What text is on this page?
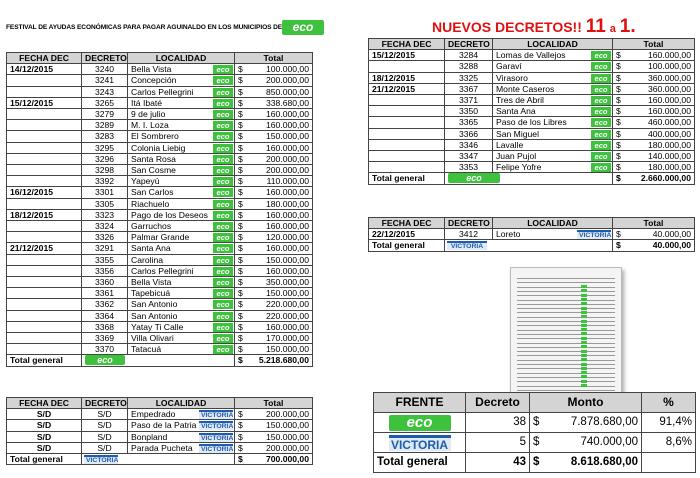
FESTIVAL DE AYUDAS ECONÓMICAS PARA PAGAR AGUINALDO EN LOS MUNICIPIOS DE eco	NUEVOS DECRETOS!! 11 a 1.
FECHA DEC	DECRETO	LOCALIDAD	Total
14/12/2015	3240	Bella Vista eco	$ 100.000,00

	3241	Concepción eco	$ 200.000,00

	3243	Carlos Pellegrini eco	$ 850.000,00

15/12/2015	3265	Itá Ibaté eco	$ 338.680,00

	3279	9 de julio eco	$ 160.000,00

	3289	M. I. Loza eco	$ 160.000,00

	3283	El Sombrero eco	$ 150.000,00

	3295	Colonia Liebig eco	$ 160.000,00

	3296	Santa Rosa eco	$ 200.000,00

	3298	San Cosme eco	$ 200.000,00

	3392	Yapeyú eco	$ 110.000,00

16/12/2015	3301	San Carlos eco	$ 160.000,00

	3305	Riachuelo eco	$ 180.000,00

18/12/2015	3323	Pago de los Deseos eco	$ 160.000,00

	3324	Garruchos eco	$ 160.000,00

	3326	Palmar Grande eco	$ 120.000,00

21/12/2015	3291	Santa Ana eco	$ 160.000,00

	3355	Carolina eco	$ 150.000,00

	3356	Carlos Pellegrini eco	$ 160.000,00

	3360	Bella Vista eco	$ 350.000,00

	3361	Tapebicuá eco	$ 150.000,00

	3362	San Antonio eco	$ 220.000,00

	3364	San Antonio eco	$ 220.000,00

	3368	Yatay Ti Calle eco	$ 160.000,00

	3369	Villa Olivari eco	$ 170.000,00

	3370	Tatacuá eco	$ 150.000,00

Total general	eco		$ 5.218.680,00
FECHA DEC	DECRETO	LOCALIDAD	Total
S/D	S/D	Empedrado VICTORIA	$ 200.000,00

S/D	S/D	Paso de la Patria VICTORIA	$ 150.000,00

S/D	S/D	Bonpland VICTORIA	$ 150.000,00

S/D	S/D	Parada Pucheta VICTORIA	$ 200.000,00

Total general	VICTORIA		$ 700.000,00
FECHA DEC	DECRETO	LOCALIDAD	Total
15/12/2015	3284	Lomas de Vallejos eco	$ 160.000,00

	3288	Garaví eco	$ 100.000,00

18/12/2015	3325	Virasoro eco	$ 360.000,00

21/12/2015	3367	Monte Caseros eco	$ 360.000,00

	3371	Tres de Abril eco	$ 160.000,00

	3350	Santa Ana eco	$ 160.000,00

	3365	Paso de los Libres eco	$ 460.000,00

	3366	San Miguel eco	$ 400.000,00

	3346	Lavalle eco	$ 180.000,00

	3347	Juan Pujol eco	$ 140.000,00

	3353	Felipe Yofre eco	$ 180.000,00

Total general	eco		$ 2.660.000,00
FECHA DEC	DECRETO	LOCALIDAD	Total
22/12/2015	3412	Loreto VICTORIA	$ 40.000,00

Total general	VICTORIA		$ 40.000,00
FRENTE	Decreto	Monto	%

eco	38	$ 7.878.680,00	91,4%

VICTORIA	5	$ 740.000,00	8,6%
Total general	43	$ 8.618.680,00	
